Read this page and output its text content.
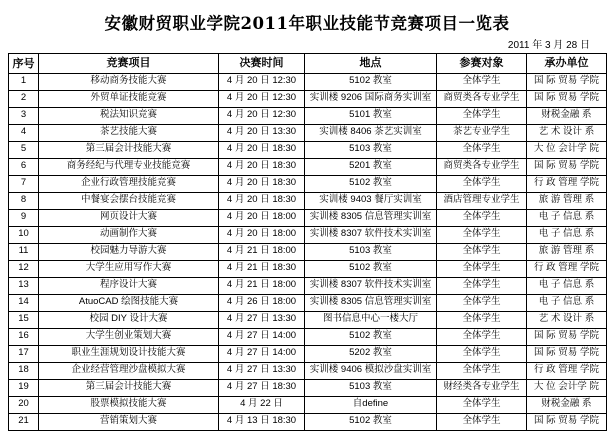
安徽财贸职业学院2011年职业技能节竞赛项目一览表
2011 年 3 月 28 日
序号	竞赛项目	决赛时间	地点	参赛对象	承办单位
1	移动商务技能大赛	4 月 20 日 12:30	5102 教室	全体学生	国 际 贸易 学院
2	外贸单证技能竞赛	4 月 20 日 12:30	实训楼 9206 国际商务实训室	商贸类各专业学生	国 际 贸易 学院
3	税法知识竞赛	4 月 20 日 12:30	5101 教室	全体学生	财税金融 系
4	茶艺技能大赛	4 月 20 日 13:30	实训楼 8406 茶艺实训室	茶艺专业学生	艺 术 设计 系
5	第三届会计技能大赛	4 月 20 日 18:30	5103 教室	全体学生	大 位 会计学 院
6	商务经纪与代理专业技能竞赛	4 月 20 日 18:30	5201 教室	商贸类各专业学生	国 际 贸易 学院
7	企业行政管理技能竞赛	4 月 20 日 18:30	5102 教室	全体学生	行 政 管理 学院
8	中餐宴会摆台技能竞赛	4 月 20 日 18:30	实训楼 9403 餐厅实训室	酒店管理专业学生	旅 游 管理 系
9	网页设计大赛	4 月 20 日 18:00	实训楼 8305 信息管理实训室	全体学生	电 子 信息 系
10	动画制作大赛	4 月 20 日 18:00	实训楼 8307 软件技术实训室	全体学生	电 子 信息 系
11	校园魅力导游大赛	4 月 21 日 18:00	5103 教室	全体学生	旅 游 管理 系
12	大学生应用写作大赛	4 月 21 日 18:30	5102 教室	全体学生	行 政 管理 学院
13	程序设计大赛	4 月 21 日 18:00	实训楼 8307 软件技术实训室	全体学生	电 子 信息 系
14	AtuoCAD 绘图技能大赛	4 月 26 日 18:00	实训楼 8305 信息管理实训室	全体学生	电 子 信息 系
15	校园 DIY 设计大赛	4 月 27 日 13:30	图书信息中心一楼大厅	全体学生	艺 术 设计 系
16	大学生创业策划大赛	4 月 27 日 14:00	5102 教室	全体学生	国 际 贸易 学院
17	职业生涯规划设计技能大赛	4 月 27 日 14:00	5202 教室	全体学生	国 际 贸易 学院
18	企业经营管理沙盘模拟大赛	4 月 27 日 13:30	实训楼 9406 模拟沙盘实训室	全体学生	行 政 管理 学院
19	第三届会计技能大赛	4 月 27 日 18:30	5103 教室	财经类各专业学生	大 位 会计学 院
20	股票模拟技能大赛	4 月 22 日	自define	全体学生	财税金融 系
21	营销策划大赛	4 月 13 日 18:30	5102 教室	全体学生	国 际 贸易 学院
